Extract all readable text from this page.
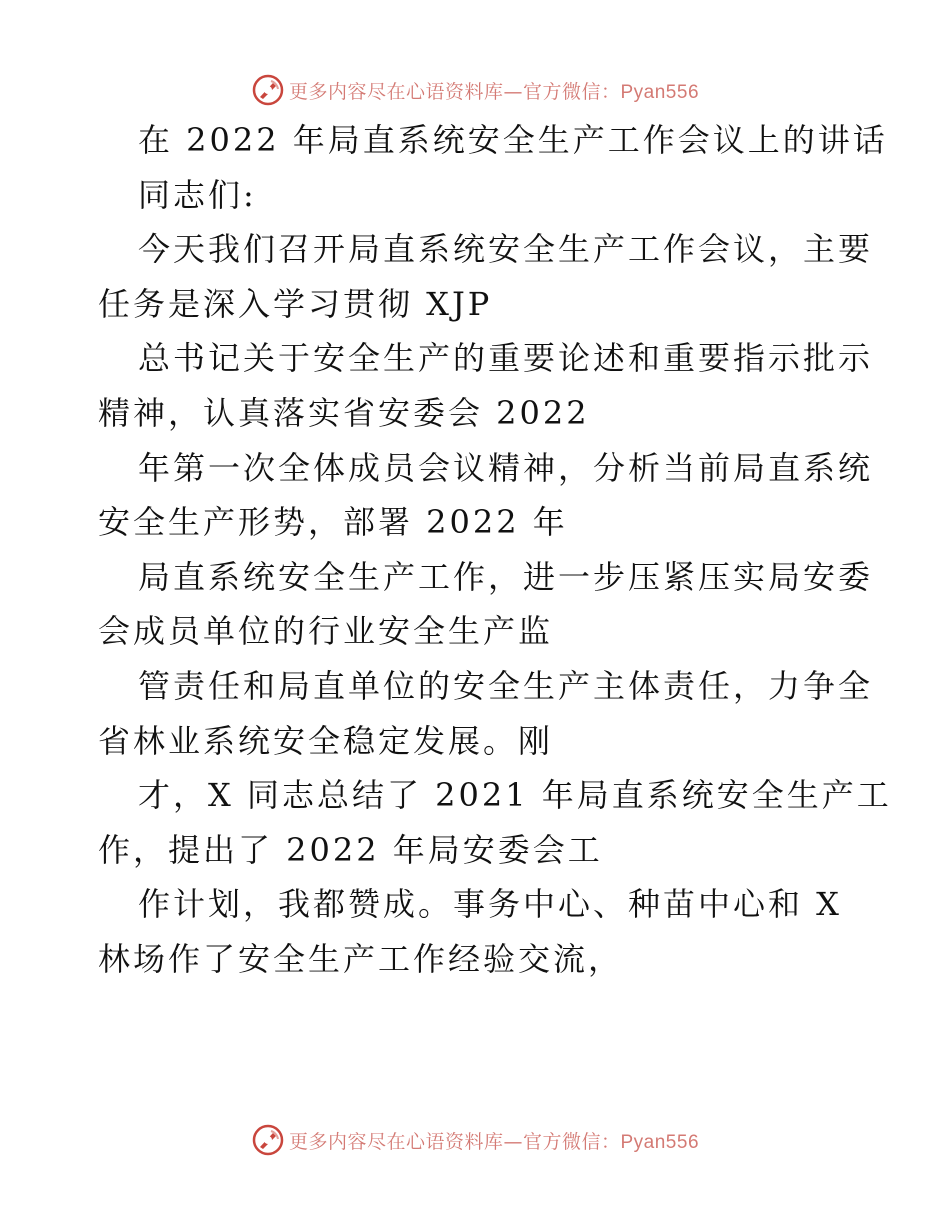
更多内容尽在心语资料库—官方微信：Pyan556
在 2022 年局直系统安全生产工作会议上的讲话
同志们:
今天我们召开局直系统安全生产工作会议，主要
任务是深入学习贯彻 XJP
总书记关于安全生产的重要论述和重要指示批示
精神，认真落实省安委会 2022
年第一次全体成员会议精神，分析当前局直系统
安全生产形势，部署 2022 年
局直系统安全生产工作，进一步压紧压实局安委
会成员单位的行业安全生产监
管责任和局直单位的安全生产主体责任，力争全
省林业系统安全稳定发展。刚
才，X 同志总结了 2021 年局直系统安全生产工
作，提出了 2022 年局安委会工
作计划，我都赞成。事务中心、种苗中心和 X
林场作了安全生产工作经验交流，
更多内容尽在心语资料库—官方微信：Pyan556
